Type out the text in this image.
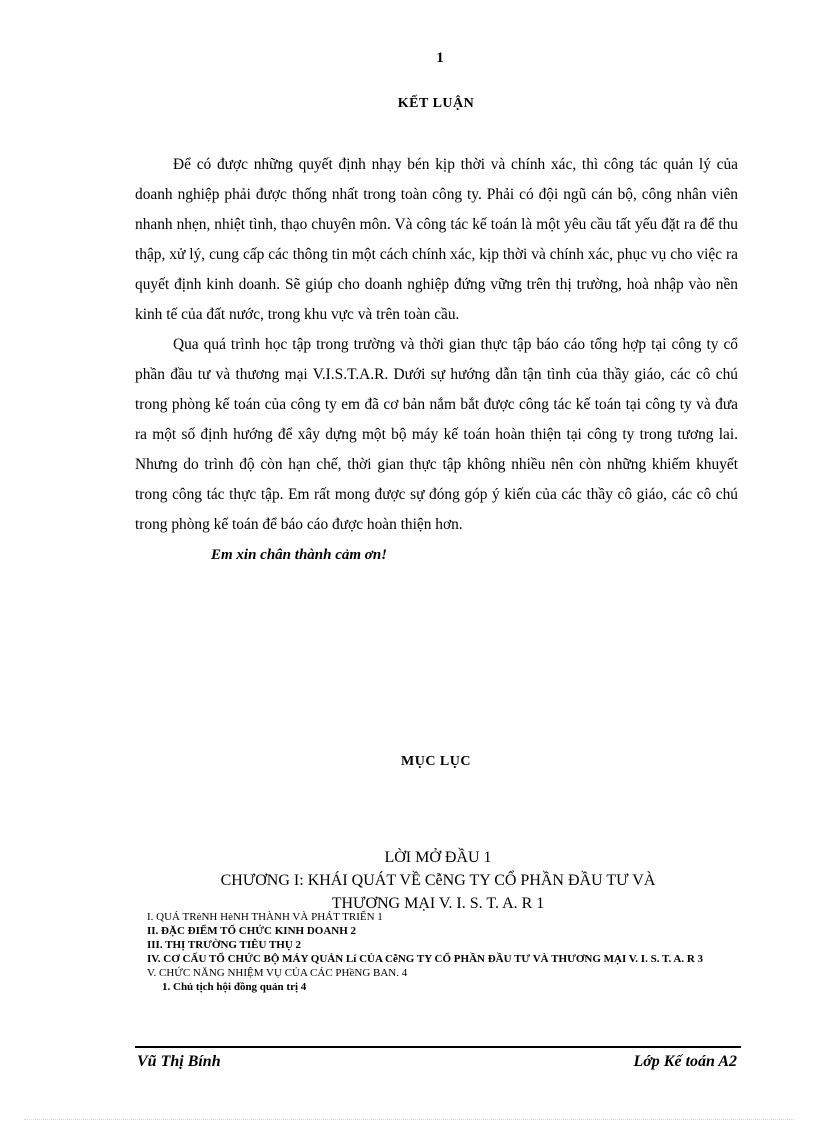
1
KẾT LUẬN

Để có được những quyết định nhạy bén kịp thời và chính xác, thì công tác quản lý của doanh nghiệp phải được thống nhất trong toàn công ty. Phải có đội ngũ cán bộ, công nhân viên nhanh nhẹn, nhiệt tình, thạo chuyên môn. Và công tác kế toán là một yêu cầu tất yếu đặt ra để thu thập, xử lý, cung cấp các thông tin một cách chính xác, kịp thời và chính xác, phục vụ cho việc ra quyết định kinh doanh. Sẽ giúp cho doanh nghiệp đứng vững trên thị trường, hoà nhập vào nền kinh tế của đất nước, trong khu vực và trên toàn cầu.

Qua quá trình học tập trong trường và thời gian thực tập báo cáo tổng hợp tại công ty cổ phần đầu tư và thương mại V.I.S.T.A.R. Dưới sự hướng dẫn tận tình của thầy giáo, các cô chú trong phòng kế toán của công ty em đã cơ bản nắm bắt được công tác kế toán tại công ty và đưa ra một số định hướng để xây dựng một bộ máy kế toán hoàn thiện tại công ty trong tương lai. Nhưng do trình độ còn hạn chế, thời gian thực tập không nhiều nên còn những khiếm khuyết trong công tác thực tập. Em rất mong được sự đóng góp ý kiến của các thầy cô giáo, các cô chú trong phòng kế toán để báo cáo được hoàn thiện hơn.

Em xin chân thành cảm ơn!

MỤC LỤC
LỜI MỞ ĐẦU 1
CHƯƠNG I: KHÁI QUÁT VỀ CễNG TY CỔ PHẦN ĐẦU TƯ VÀ
THƯƠNG MẠI V. I. S. T. A. R 1
I. QUÁ TRèNH HèNH THÀNH VÀ PHÁT TRIỂN 1
II. ĐẶC ĐIỂM TỔ CHỨC KINH DOANH 2
III. THỊ TRƯỜNG TIÊU THỤ 2
IV. CƠ CẤU TỔ CHỨC BỘ MÁY QUẢN Lí CỦA CễNG TY CỔ PHẦN ĐẦU TƯ VÀ THƯƠNG MẠI V. I. S. T. A. R 3
V. CHỨC NĂNG NHIỆM VỤ CỦA CÁC PHềNG BAN. 4
1. Chủ tịch hội đồng quản trị 4
Vũ Thị Bính	Lớp Kế toán A2
